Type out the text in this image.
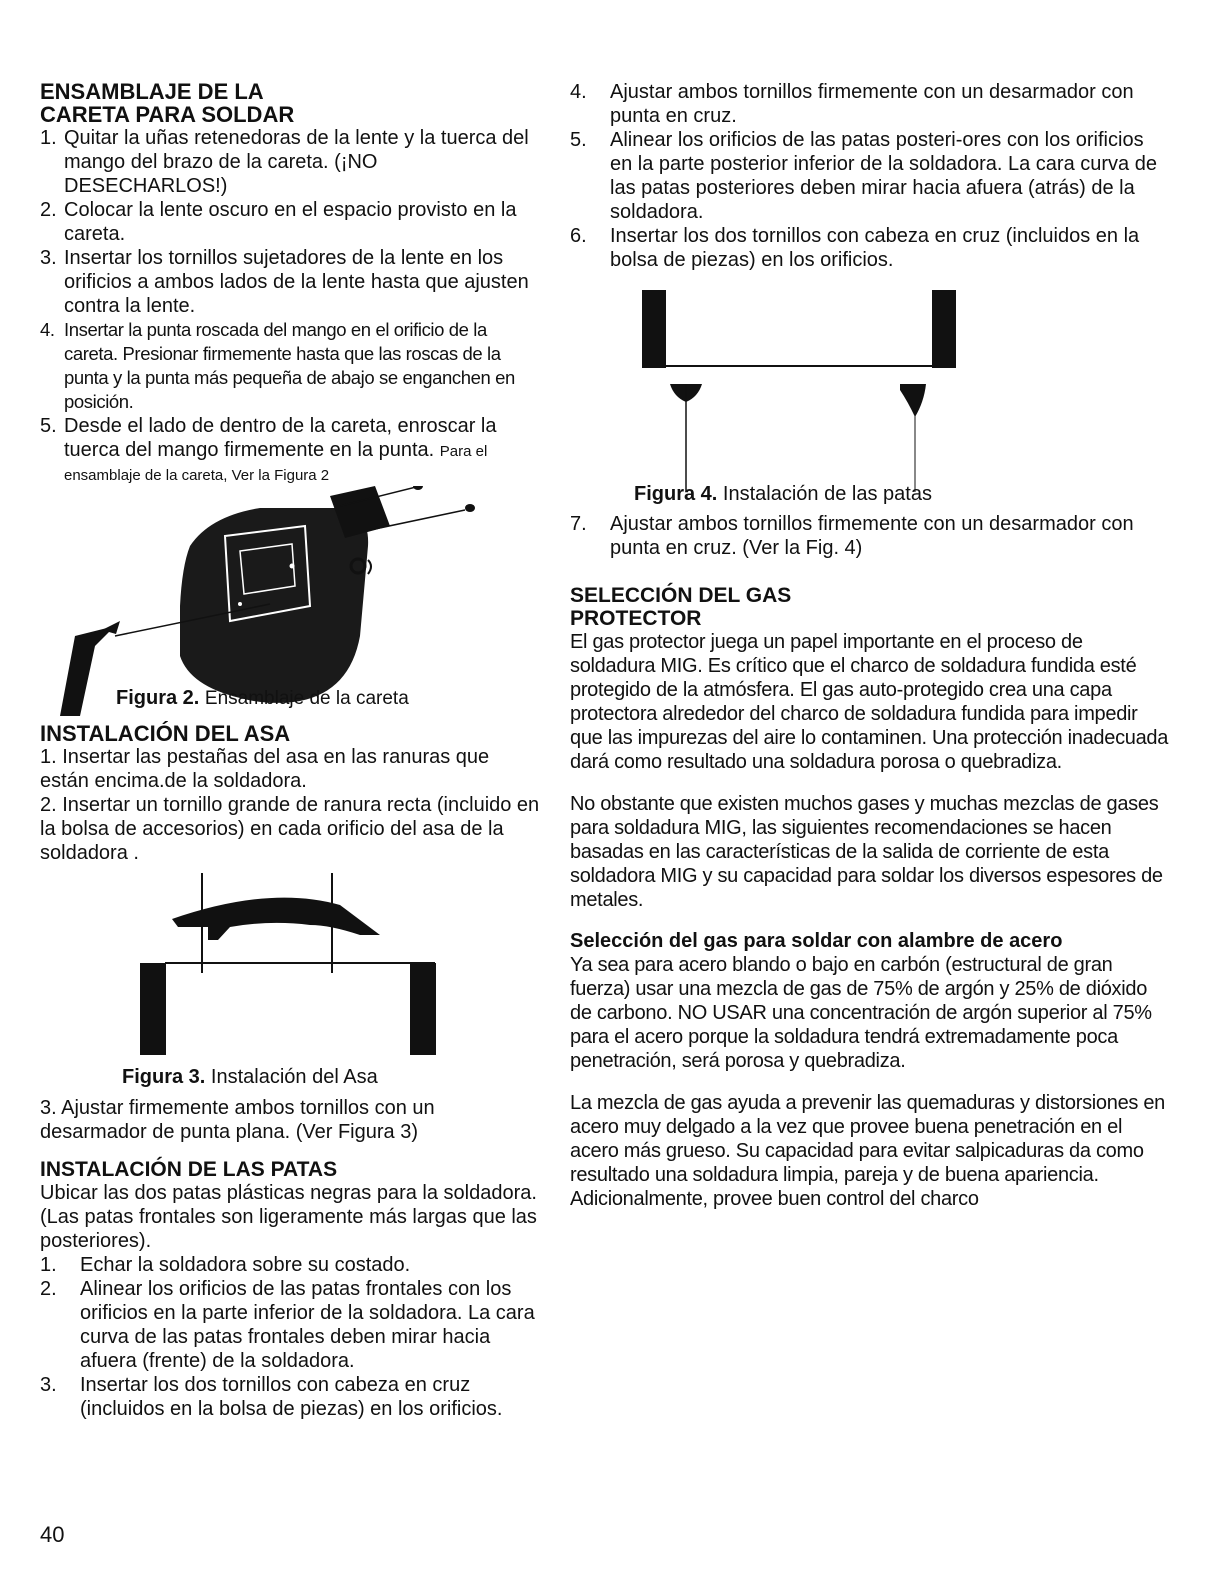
ENSAMBLAJE DE LA

CARETA PARA SOLDAR

1. Quitar la uñas retenedoras de la lente y la tuerca del mango del brazo de la careta. (¡NO DESECHARLOS!)
2. Colocar la lente oscuro en el espacio provisto en la careta.
3. Insertar los tornillos sujetadores de la lente en los orificios a ambos lados de la lente hasta que ajusten contra la lente.
4. Insertar la punta roscada del mango en el orificio de la careta. Presionar firmemente hasta que las roscas de la punta y la punta más pequeña de abajo se enganchen en posición.
5. Desde el lado de dentro de la careta, enroscar la tuerca del mango firmemente en la punta. Para el ensamblaje de la careta, Ver la Figura 2
Figura 2. Ensamblaje de la careta

INSTALACIÓN DEL ASA

1. Insertar las pestañas del asa en las ranuras que están encima.de la soldadora.

2. Insertar un tornillo grande de ranura recta (incluido en la bolsa de accesorios) en cada orificio del asa de la soldadora .

Figura 3. Instalación del Asa

3. Ajustar firmemente ambos tornillos con un desarmador de punta plana. (Ver Figura 3)

INSTALACIÓN DE LAS PATAS

Ubicar las dos patas plásticas negras para la soldadora. (Las patas frontales son ligeramente más largas que las posteriores).

1. Echar la soldadora sobre su costado.
2. Alinear los orificios de las patas frontales con los orificios en la parte inferior de la soldadora. La cara curva de las patas frontales deben mirar hacia afuera (frente) de la soldadora.
3. Insertar los dos tornillos con cabeza en cruz (incluidos en la bolsa de piezas) en los orificios.
4. Ajustar ambos tornillos firmemente con un desarmador con punta en cruz.
5. Alinear los orificios de las patas posteri-ores con los orificios en la parte posterior inferior de la soldadora. La cara curva de las patas posteriores deben mirar hacia afuera (atrás) de la soldadora.
6. Insertar los dos tornillos con cabeza en cruz (incluidos en la bolsa de piezas) en los orificios.
Figura 4. Instalación de las patas
7. Ajustar ambos tornillos firmemente con un desarmador con punta en cruz. (Ver la Fig. 4)

SELECCIÓN DEL GAS

PROTECTOR

El gas protector juega un papel importante en el proceso de soldadura MIG. Es crítico que el charco de soldadura fundida esté protegido de la atmósfera. El gas auto-protegido crea una capa protectora alrededor del charco de soldadura fundida para impedir que las impurezas del aire lo contaminen. Una protección inadecuada dará como resultado una soldadura porosa o quebradiza.

No obstante que existen muchos gases y muchas mezclas de gases para soldadura MIG, las siguientes recomendaciones se hacen basadas en las características de la salida de corriente de esta soldadora MIG y su capacidad para soldar los diversos espesores de metales.

Selección del gas para soldar con alambre de acero

Ya sea para acero blando o bajo en carbón (estructural de gran fuerza) usar una mezcla de gas de 75% de argón y 25% de dióxido de carbono. NO USAR una concentración de argón superior al 75% para el acero porque la soldadura tendrá extremadamente poca penetración, será porosa y quebradiza.

La mezcla de gas ayuda a prevenir las quemaduras y distorsiones en acero muy delgado a la vez que provee buena penetración en el acero más grueso. Su capacidad para evitar salpicaduras da como resultado una soldadura limpia, pareja y de buena apariencia. Adicionalmente, provee buen control del charco

40
